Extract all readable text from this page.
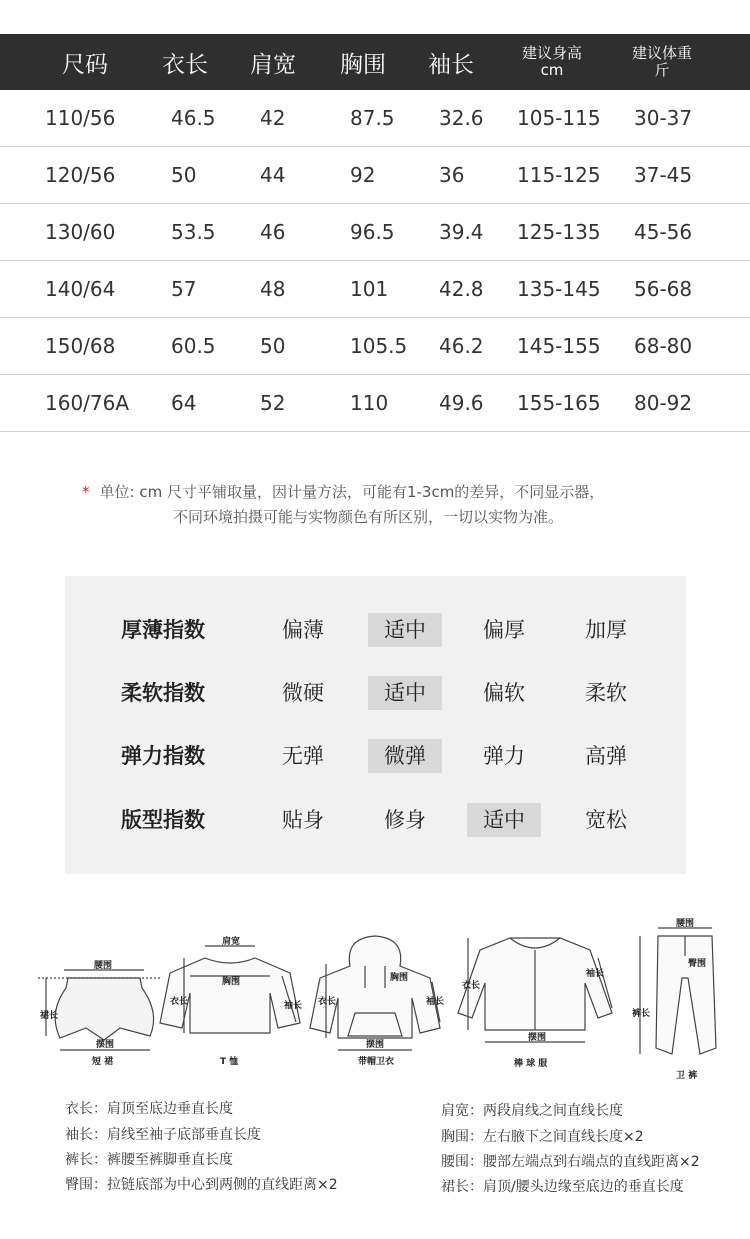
尺码 衣长 肩宽 胸围 袖长	建议身高
cm
建议体重
斤
110/56	46.5 42	87.5 32.6 105-115 30-37
120/56	50	44	92	36	115-125 37-45
130/60	53.5 46	96.5 39.4 125-135 45-56
140/64	57	48	101	42.8 135-145 56-68
150/68	60.5 50	105.5 46.2 145-155 68-80
160/76A 64	52	110	49.6 155-165 80-92
* 单位: cm 尺寸平铺取量，因计量方法，可能有1-3cm的差异，不同显示器，
不同环境拍摄可能与实物颜色有所区别，一切以实物为准。
厚薄指数	偏薄	适中	偏厚	加厚
柔软指数	微硬	适中	偏软	柔软
弹力指数	无弹	微弹	弹力	高弹
版型指数	贴身	修身	适中	宽松
腰围
裙长
摆围
短 裙
肩宽
胸围
衣长	袖长
T 恤
胸围
衣长	袖长
摆围
带帽卫衣
衣长
袖长
摆围
棒 球 服
腰围
臀围
裤长
卫 裤
衣长：肩顶至底边垂直长度
袖长：肩线至袖子底部垂直长度
裤长：裤腰至裤脚垂直长度
臀围：拉链底部为中心到两侧的直线距离×2
肩宽：两段肩线之间直线长度
胸围：左右腋下之间直线长度×2
腰围：腰部左端点到右端点的直线距离×2
裙长：肩顶/腰头边缘至底边的垂直长度
